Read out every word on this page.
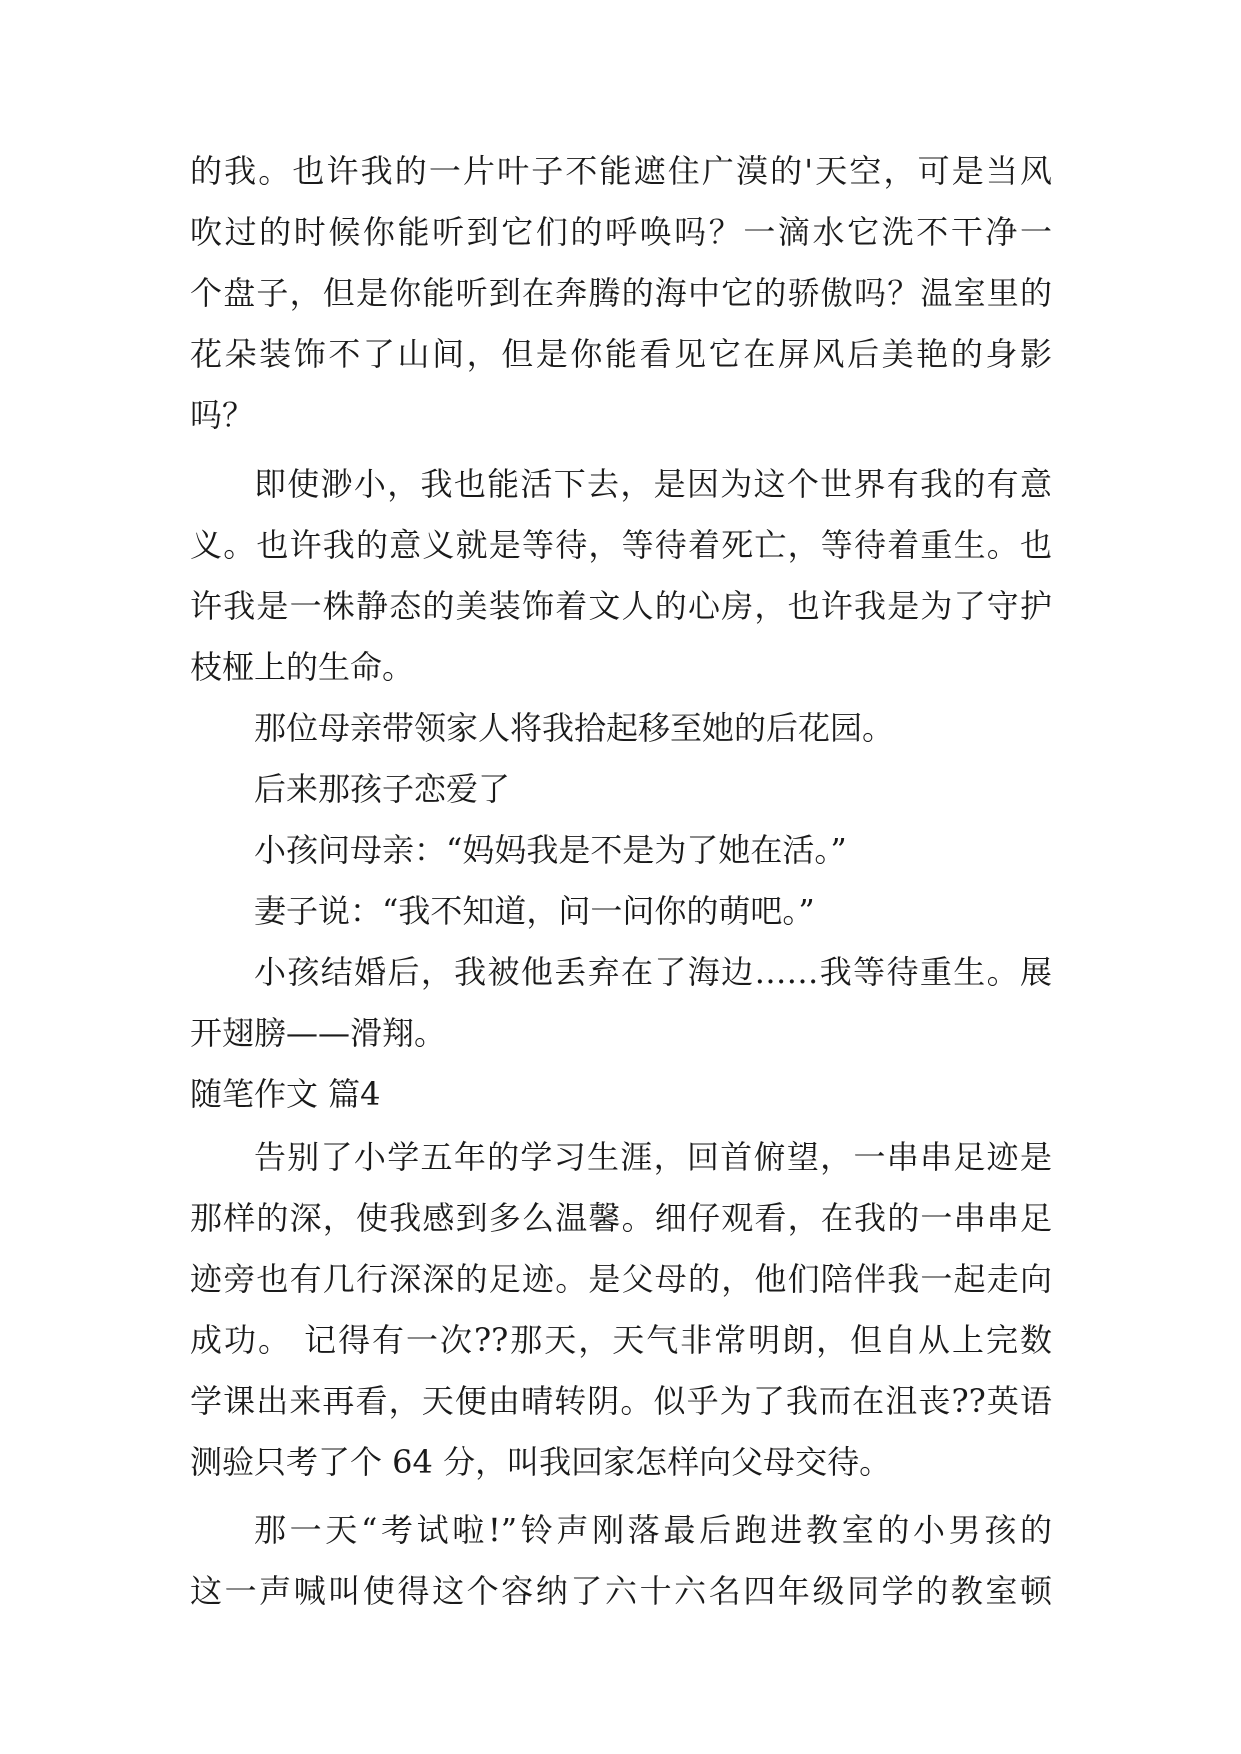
的我。也许我的一片叶子不能遮住广漠的'天空，可是当风
吹过的时候你能听到它们的呼唤吗？一滴水它洗不干净一
个盘子，但是你能听到在奔腾的海中它的骄傲吗？温室里的
花朵装饰不了山间，但是你能看见它在屏风后美艳的身影
吗？
即使渺小，我也能活下去，是因为这个世界有我的有意
义。也许我的意义就是等待，等待着死亡，等待着重生。也
许我是一株静态的美装饰着文人的心房，也许我是为了守护
枝桠上的生命。
那位母亲带领家人将我拾起移至她的后花园。
后来那孩子恋爱了
小孩问母亲：“妈妈我是不是为了她在活。”
妻子说：“我不知道，问一问你的萌吧。”
小孩结婚后，我被他丢弃在了海边……我等待重生。展
开翅膀——滑翔。
随笔作文 篇4
告别了小学五年的学习生涯，回首俯望，一串串足迹是
那样的深，使我感到多么温馨。细仔观看，在我的一串串足
迹旁也有几行深深的足迹。是父母的，他们陪伴我一起走向
成功。 记得有一次??那天，天气非常明朗，但自从上完数
学课出来再看，天便由晴转阴。似乎为了我而在沮丧??英语
测验只考了个 64 分，叫我回家怎样向父母交待。
那一天“考试啦!”铃声刚落最后跑进教室的小男孩的
这一声喊叫使得这个容纳了六十六名四年级同学的教室顿
